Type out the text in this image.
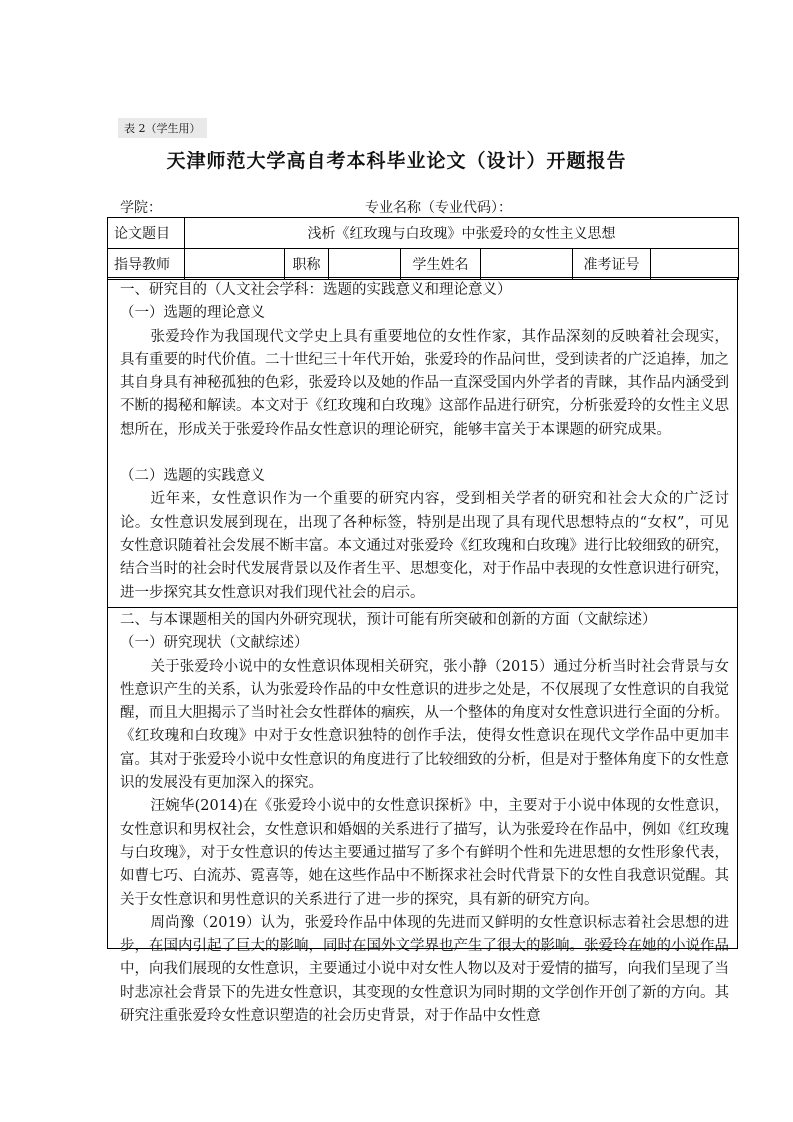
表 2（学生用）
天津师范大学高自考本科毕业论文（设计）开题报告
学院：	专业名称（专业代码）：
论文题目	浅析《红玫瑰与白玫瑰》中张爱玲的女性主义思想						
指导教师		职称		学生姓名		准考证号	

一、研究目的（人文社会学科：选题的实践意义和理论意义）

（一）选题的理论意义

张爱玲作为我国现代文学史上具有重要地位的女性作家，其作品深刻的反映着社会现实，具有重要的时代价值。二十世纪三十年代开始，张爱玲的作品问世，受到读者的广泛追捧，加之其自身具有神秘孤独的色彩，张爱玲以及她的作品一直深受国内外学者的青睐，其作品内涵受到不断的揭秘和解读。本文对于《红玫瑰和白玫瑰》这部作品进行研究，分析张爱玲的女性主义思想所在，形成关于张爱玲作品女性意识的理论研究，能够丰富关于本课题的研究成果。

（二）选题的实践意义

近年来，女性意识作为一个重要的研究内容，受到相关学者的研究和社会大众的广泛讨论。女性意识发展到现在，出现了各种标签，特别是出现了具有现代思想特点的“女权”，可见女性意识随着社会发展不断丰富。本文通过对张爱玲《红玫瑰和白玫瑰》进行比较细致的研究，结合当时的社会时代发展背景以及作者生平、思想变化，对于作品中表现的女性意识进行研究，进一步探究其女性意识对我们现代社会的启示。

二、与本课题相关的国内外研究现状，预计可能有所突破和创新的方面（文献综述）

（一）研究现状（文献综述）

关于张爱玲小说中的女性意识体现相关研究，张小静（2015）通过分析当时社会背景与女性意识产生的关系，认为张爱玲作品的中女性意识的进步之处是，不仅展现了女性意识的自我觉醒，而且大胆揭示了当时社会女性群体的痼疾，从一个整体的角度对女性意识进行全面的分析。《红玫瑰和白玫瑰》中对于女性意识独特的创作手法，使得女性意识在现代文学作品中更加丰富。其对于张爱玲小说中女性意识的角度进行了比较细致的分析，但是对于整体角度下的女性意识的发展没有更加深入的探究。

汪婉华(2014)在《张爱玲小说中的女性意识探析》中，主要对于小说中体现的女性意识，女性意识和男权社会，女性意识和婚姻的关系进行了描写，认为张爱玲在作品中，例如《红玫瑰与白玫瑰》，对于女性意识的传达主要通过描写了多个有鲜明个性和先进思想的女性形象代表，如曹七巧、白流苏、霓喜等，她在这些作品中不断探求社会时代背景下的女性自我意识觉醒。其关于女性意识和男性意识的关系进行了进一步的探究，具有新的研究方向。

周尚豫（2019）认为，张爱玲作品中体现的先进而又鲜明的女性意识标志着社会思想的进步，在国内引起了巨大的影响，同时在国外文学界也产生了很大的影响。张爱玲在她的小说作品中，向我们展现的女性意识，主要通过小说中对女性人物以及对于爱情的描写，向我们呈现了当时悲凉社会背景下的先进女性意识，其变现的女性意识为同时期的文学创作开创了新的方向。其研究注重张爱玲女性意识塑造的社会历史背景，对于作品中女性意
